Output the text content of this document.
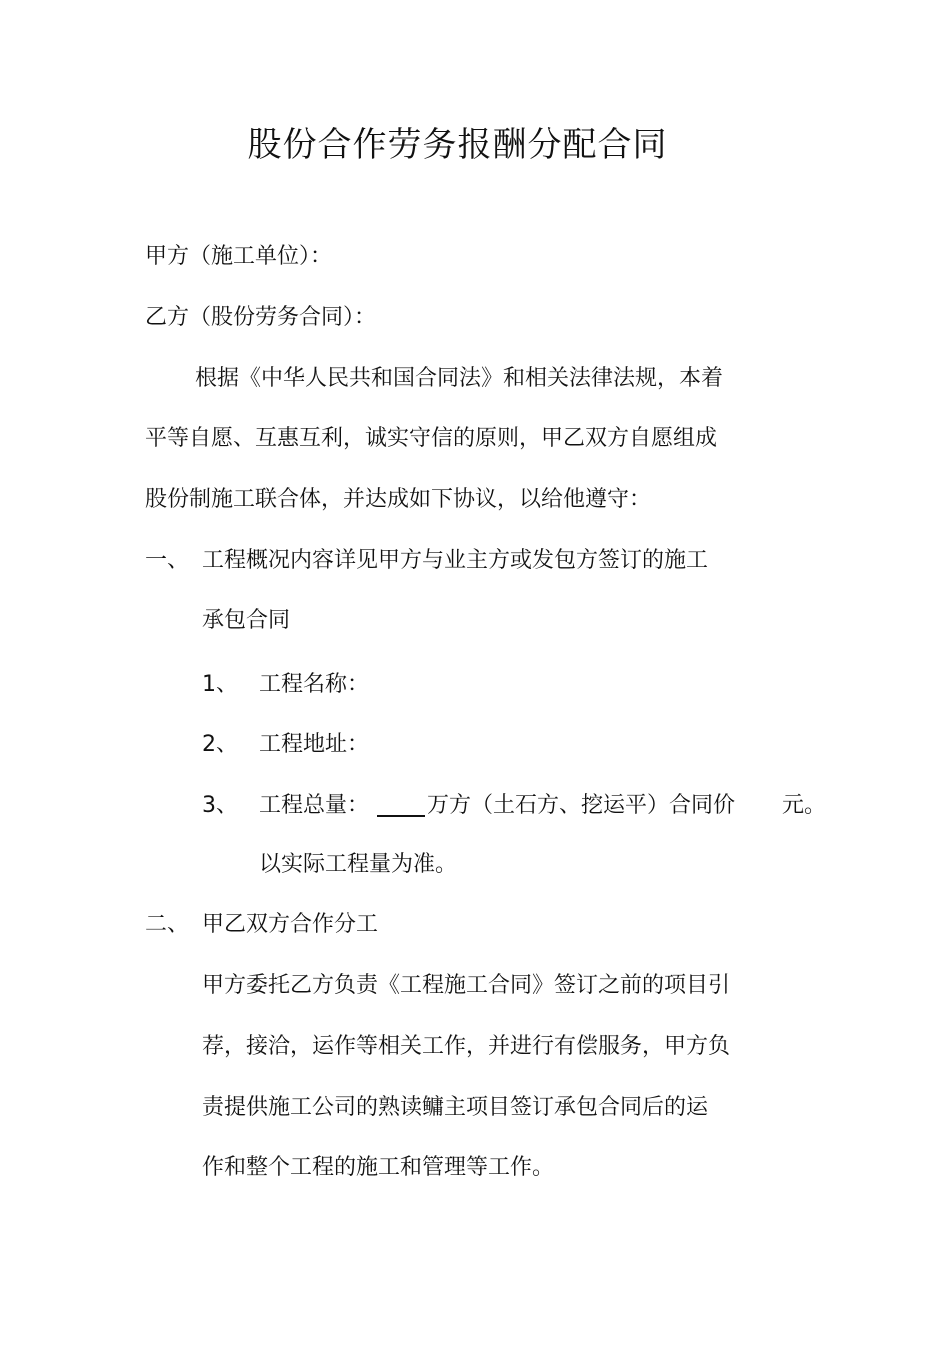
股份合作劳务报酬分配合同
甲方（施工单位）：
乙方（股份劳务合同）：
根据《中华人民共和国合同法》和相关法律法规，本着
平等自愿、互惠互利，诚实守信的原则，甲乙双方自愿组成
股份制施工联合体，并达成如下协议，以给他遵守：
一、 工程概况内容详见甲方与业主方或发包方签订的施工
承包合同
1、 工程名称：
2、 工程地址：
3、 工程总量：	万方（土石方、挖运平）合同价 元。
以实际工程量为准。
二、 甲乙双方合作分工
甲方委托乙方负责《工程施工合同》签订之前的项目引
荐，接洽，运作等相关工作，并进行有偿服务，甲方负
责提供施工公司的熟读鳙主项目签订承包合同后的运
作和整个工程的施工和管理等工作。
